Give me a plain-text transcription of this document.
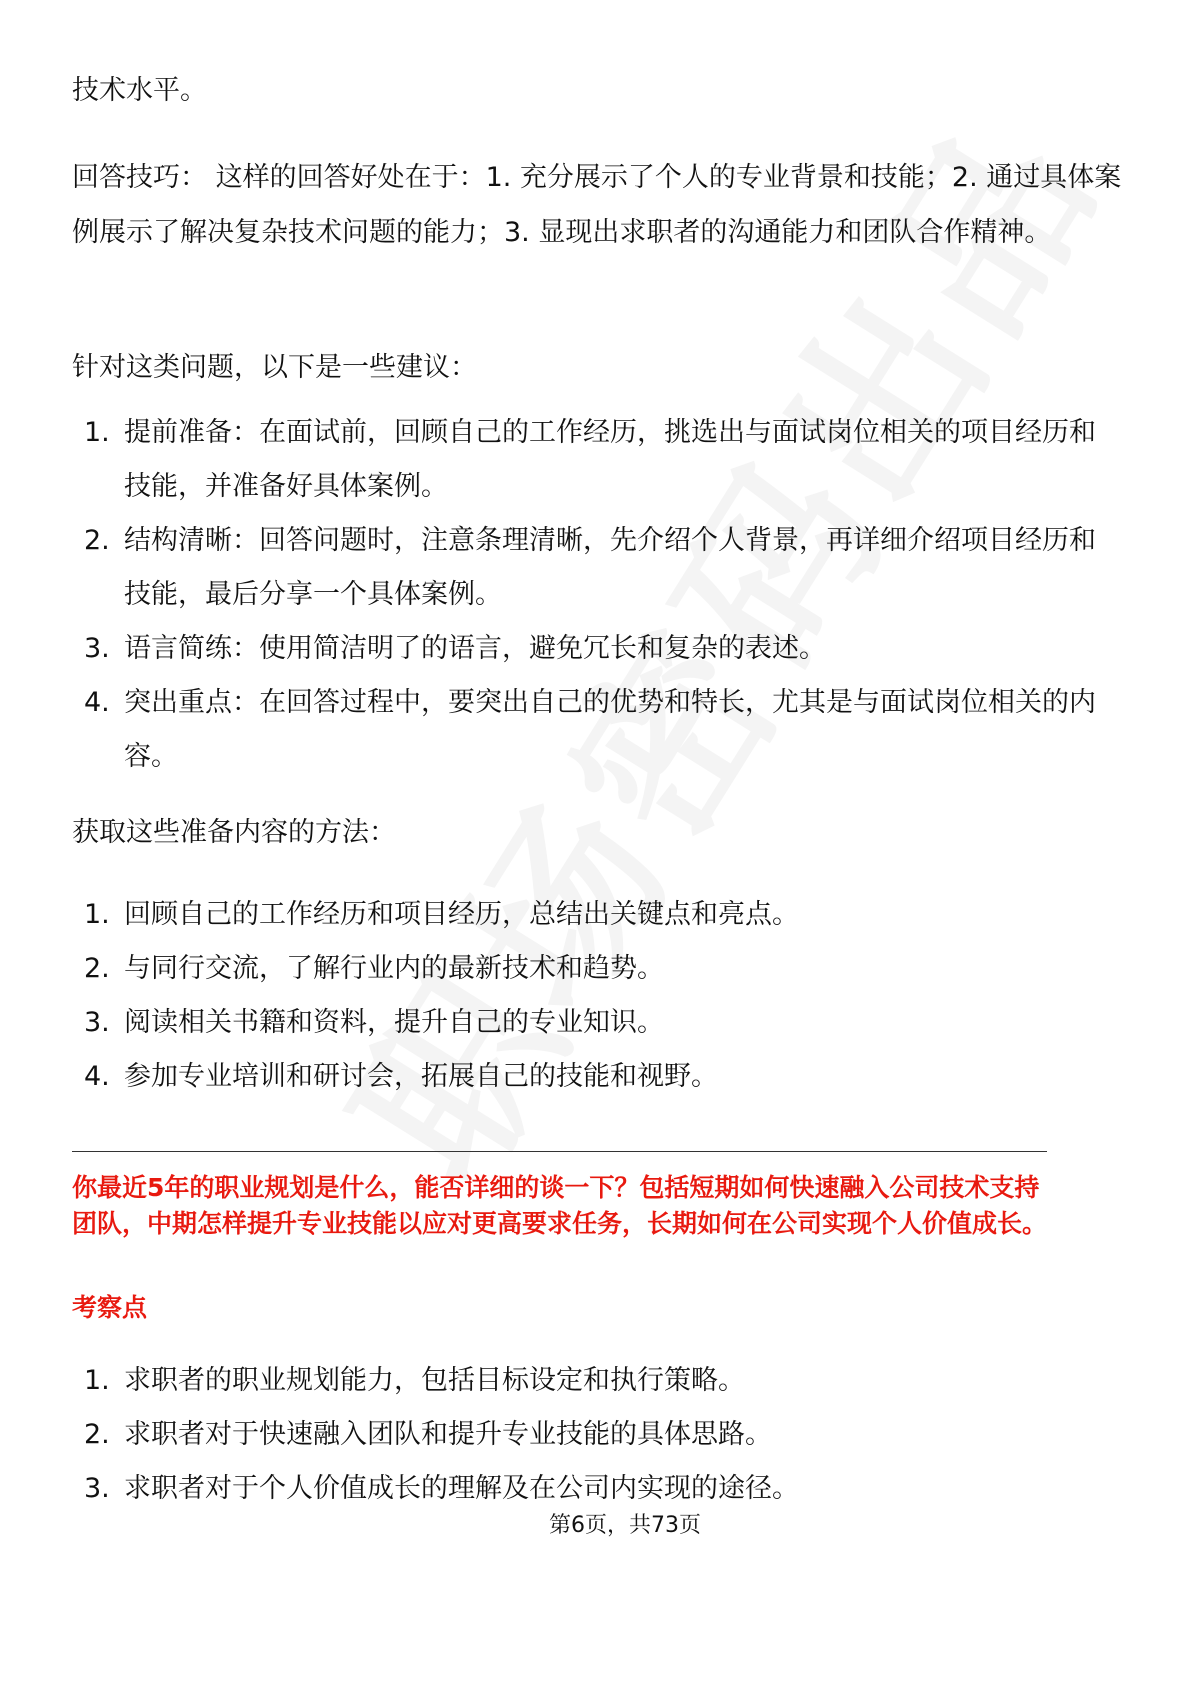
技术水平。

回答技巧： 这样的回答好处在于：1. 充分展示了个人的专业背景和技能；2. 通过具体案例展示了解决复杂技术问题的能力；3. 显现出求职者的沟通能力和团队合作精神。

针对这类问题，以下是一些建议：

1. 提前准备：在面试前，回顾自己的工作经历，挑选出与面试岗位相关的项目经历和技能，并准备好具体案例。
2. 结构清晰：回答问题时，注意条理清晰，先介绍个人背景，再详细介绍项目经历和技能，最后分享一个具体案例。
3. 语言简练：使用简洁明了的语言，避免冗长和复杂的表述。
4. 突出重点：在回答过程中，要突出自己的优势和特长，尤其是与面试岗位相关的内容。

获取这些准备内容的方法：

1. 回顾自己的工作经历和项目经历，总结出关键点和亮点。
2. 与同行交流，了解行业内的最新技术和趋势。
3. 阅读相关书籍和资料，提升自己的专业知识。
4. 参加专业培训和研讨会，拓展自己的技能和视野。

你最近5年的职业规划是什么，能否详细的谈一下？包括短期如何快速融入公司技术支持团队，中期怎样提升专业技能以应对更高要求任务，长期如何在公司实现个人价值成长。

考察点

1. 求职者的职业规划能力，包括目标设定和执行策略。
2. 求职者对于快速融入团队和提升专业技能的具体思路。
3. 求职者对于个人价值成长的理解及在公司内实现的途径。
第6页，共73页
